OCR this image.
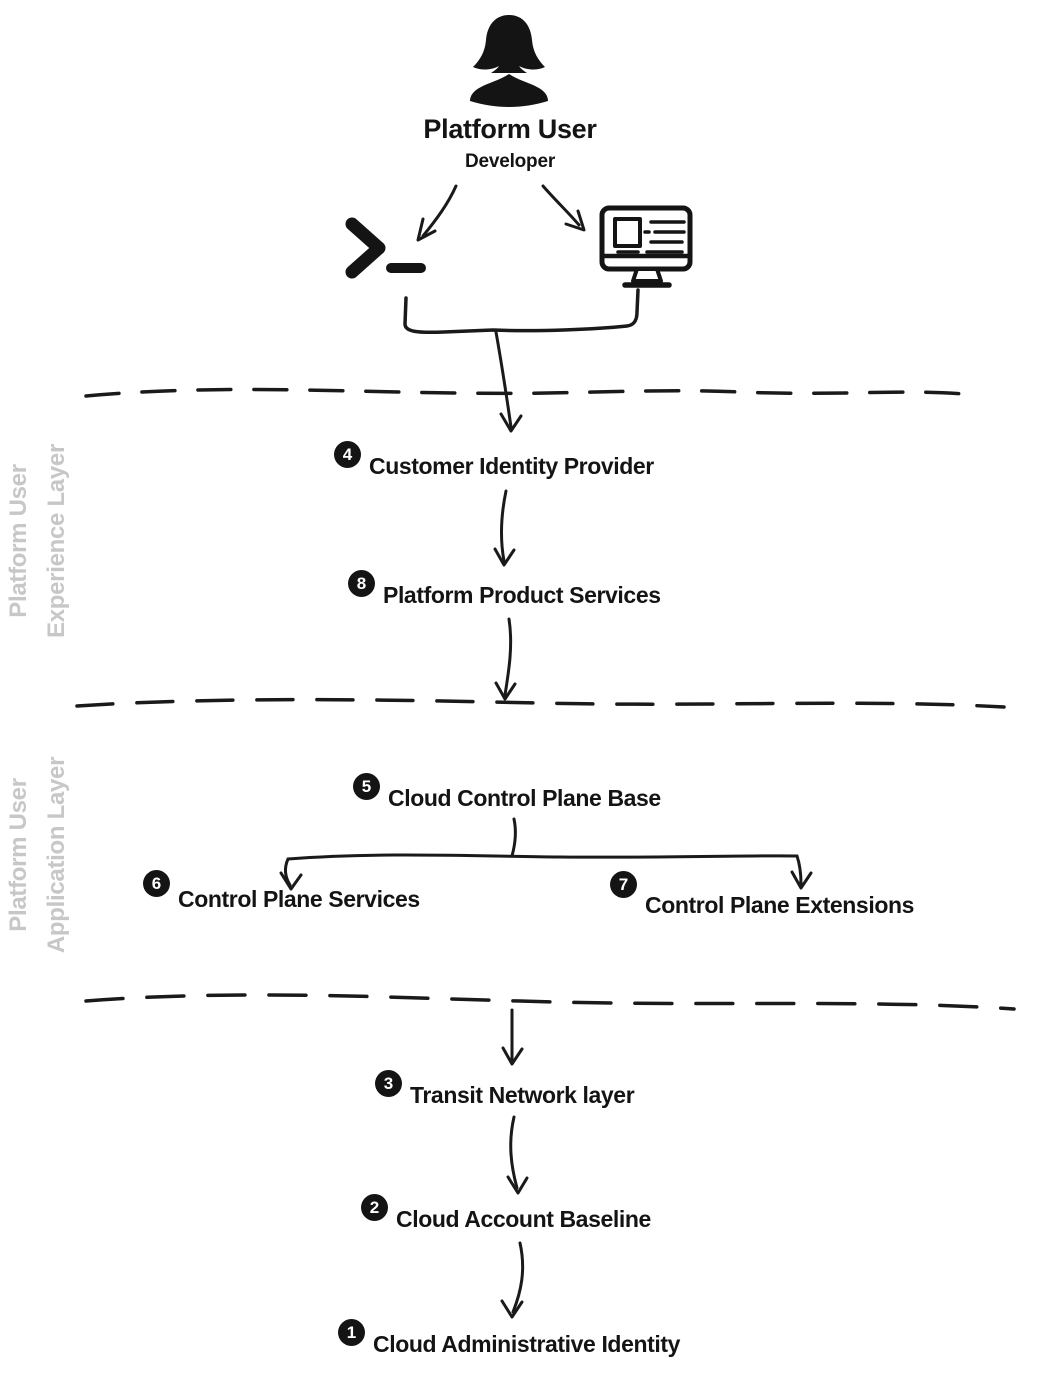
Platform User
Developer
Platform User Experience Layer
Platform User Application Layer
4 Customer Identity Provider
8 Platform Product Services
5 Cloud Control Plane Base
6
Control Plane Services
7
Control Plane Extensions
3 Transit Network layer
2 Cloud Account Baseline
1 Cloud Administrative Identity
